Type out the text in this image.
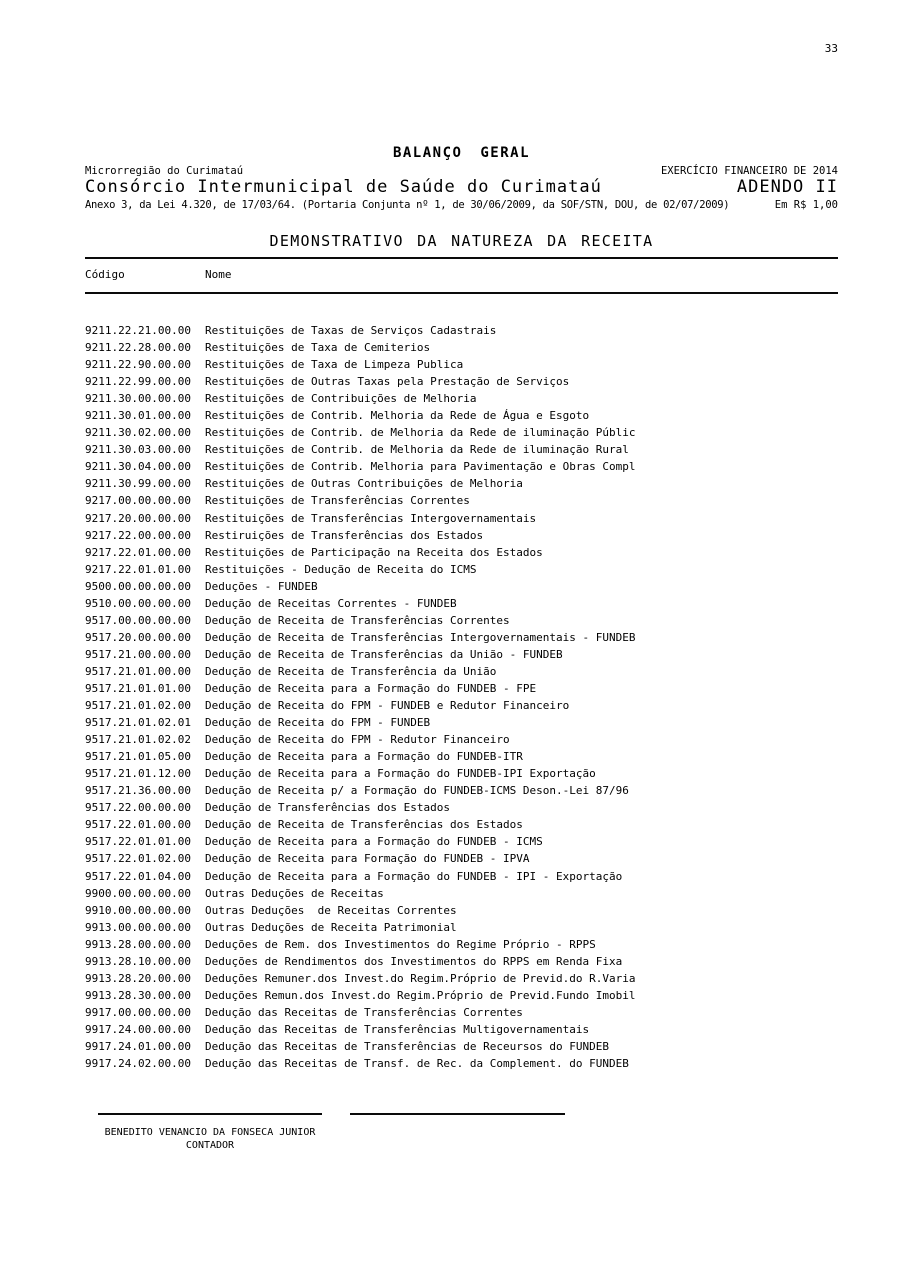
33
BALANÇO GERAL
Microrregião do Curimataú	EXERCÍCIO FINANCEIRO DE 2014
Consórcio Intermunicipal de Saúde do Curimataú	ADENDO II
Anexo 3, da Lei 4.320, de 17/03/64. (Portaria Conjunta nº 1, de 30/06/2009, da SOF/STN, DOU, de 02/07/2009)	Em R$ 1,00
DEMONSTRATIVO DA NATUREZA DA RECEITA
Código	Nome
9211.22.21.00.00	Restituições de Taxas de Serviços Cadastrais
9211.22.28.00.00	Restituições de Taxa de Cemiterios
9211.22.90.00.00	Restituições de Taxa de Limpeza Publica
9211.22.99.00.00	Restituições de Outras Taxas pela Prestação de Serviços
9211.30.00.00.00	Restituições de Contribuições de Melhoria
9211.30.01.00.00	Restituições de Contrib. Melhoria da Rede de Água e Esgoto
9211.30.02.00.00	Restituições de Contrib. de Melhoria da Rede de iluminação Públic
9211.30.03.00.00	Restituições de Contrib. de Melhoria da Rede de iluminação Rural
9211.30.04.00.00	Restituições de Contrib. Melhoria para Pavimentação e Obras Compl
9211.30.99.00.00	Restituições de Outras Contribuições de Melhoria
9217.00.00.00.00	Restituições de Transferências Correntes
9217.20.00.00.00	Restituições de Transferências Intergovernamentais
9217.22.00.00.00	Restiruições de Transferências dos Estados
9217.22.01.00.00	Restituições de Participação na Receita dos Estados
9217.22.01.01.00	Restituições - Dedução de Receita do ICMS
9500.00.00.00.00	Deduções - FUNDEB
9510.00.00.00.00	Dedução de Receitas Correntes - FUNDEB
9517.00.00.00.00	Dedução de Receita de Transferências Correntes
9517.20.00.00.00	Dedução de Receita de Transferências Intergovernamentais - FUNDEB
9517.21.00.00.00	Dedução de Receita de Transferências da União - FUNDEB
9517.21.01.00.00	Dedução de Receita de Transferência da União
9517.21.01.01.00	Dedução de Receita para a Formação do FUNDEB - FPE
9517.21.01.02.00	Dedução de Receita do FPM - FUNDEB e Redutor Financeiro
9517.21.01.02.01	Dedução de Receita do FPM - FUNDEB
9517.21.01.02.02	Dedução de Receita do FPM - Redutor Financeiro
9517.21.01.05.00	Dedução de Receita para a Formação do FUNDEB-ITR
9517.21.01.12.00	Dedução de Receita para a Formação do FUNDEB-IPI Exportação
9517.21.36.00.00	Dedução de Receita p/ a Formação do FUNDEB-ICMS Deson.-Lei 87/96
9517.22.00.00.00	Dedução de Transferências dos Estados
9517.22.01.00.00	Dedução de Receita de Transferências dos Estados
9517.22.01.01.00	Dedução de Receita para a Formação do FUNDEB - ICMS
9517.22.01.02.00	Dedução de Receita para Formação do FUNDEB - IPVA
9517.22.01.04.00	Dedução de Receita para a Formação do FUNDEB - IPI - Exportação
9900.00.00.00.00	Outras Deduções de Receitas
9910.00.00.00.00	Outras Deduções  de Receitas Correntes
9913.00.00.00.00	Outras Deduções de Receita Patrimonial
9913.28.00.00.00	Deduções de Rem. dos Investimentos do Regime Próprio - RPPS
9913.28.10.00.00	Deduções de Rendimentos dos Investimentos do RPPS em Renda Fixa
9913.28.20.00.00	Deduções Remuner.dos Invest.do Regim.Próprio de Previd.do R.Varia
9913.28.30.00.00	Deduções Remun.dos Invest.do Regim.Próprio de Previd.Fundo Imobil
9917.00.00.00.00	Dedução das Receitas de Transferências Correntes
9917.24.00.00.00	Dedução das Receitas de Transferências Multigovernamentais
9917.24.01.00.00	Dedução das Receitas de Transferências de Receursos do FUNDEB
9917.24.02.00.00	Dedução das Receitas de Transf. de Rec. da Complement. do FUNDEB
BENEDITO VENANCIO DA FONSECA JUNIOR
CONTADOR
